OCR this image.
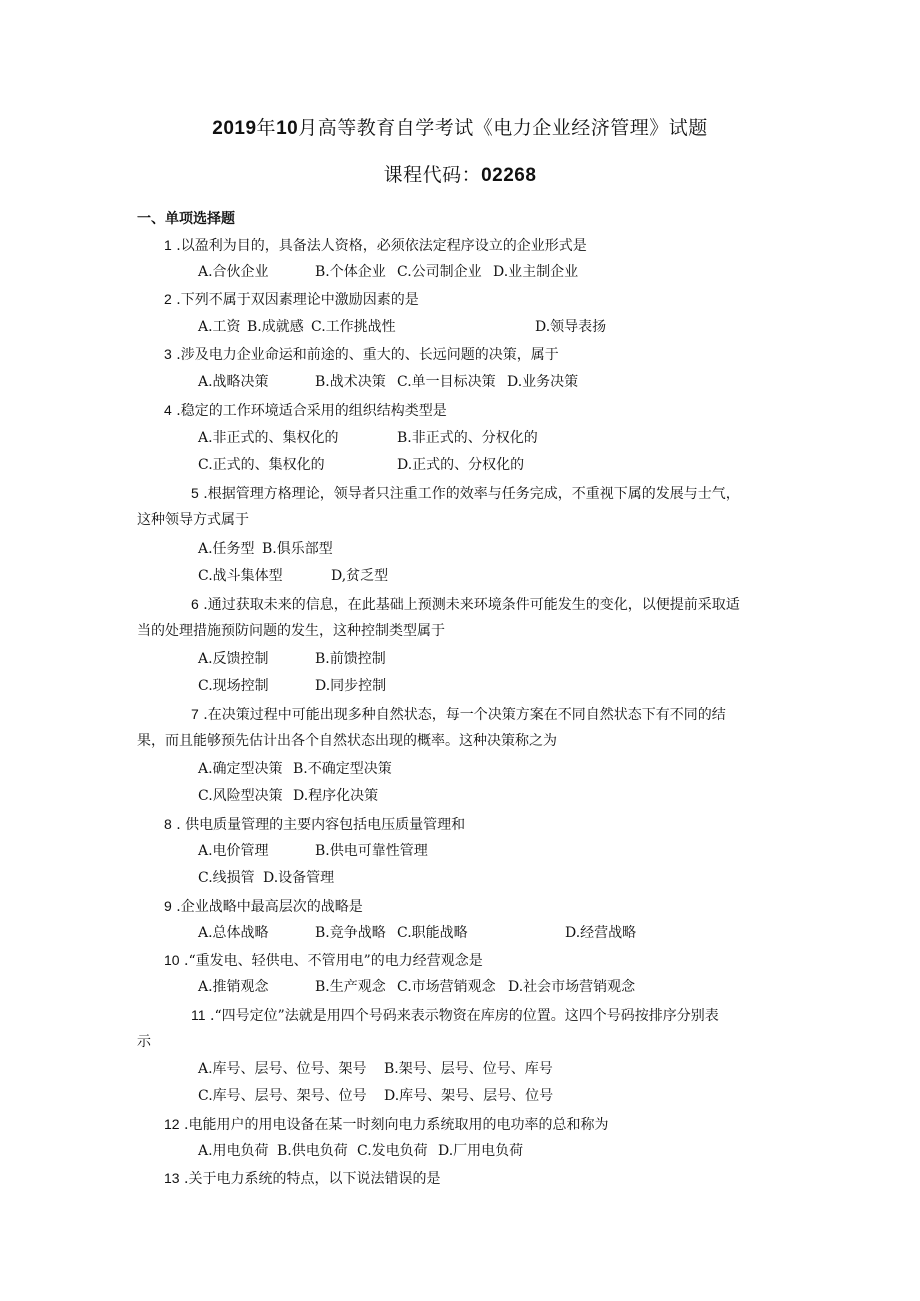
2019年10月高等教育自学考试《电力企业经济管理》试题
课程代码：02268
一、单项选择题
1 .以盈利为目的，具备法人资格，必须依法定程序设立的企业形式是
A.合伙企业	B.个体企业 C.公司制企业 D.业主制企业
2 .下列不属于双因素理论中激励因素的是
A.工资 B.成就感 C.工作挑战性	D.领导表扬
3 .涉及电力企业命运和前途的、重大的、长远问题的决策，属于
A.战略决策	B.战术决策 C.单一目标决策 D.业务决策
4 .稳定的工作环境适合采用的组织结构类型是
A.非正式的、集权化的	B.非正式的、分权化的
C.正式的、集权化的	D.正式的、分权化的
5 .根据管理方格理论，领导者只注重工作的效率与任务完成，不重视下属的发展与士气，
这种领导方式属于
A.任务型 B.俱乐部型
C.战斗集体型	D,贫乏型
6 .通过获取未来的信息，在此基础上预测未来环境条件可能发生的变化，以便提前采取适
当的处理措施预防问题的发生，这种控制类型属于
A.反馈控制	B.前馈控制
C.现场控制	D.同步控制
7 .在决策过程中可能出现多种自然状态，每一个决策方案在不同自然状态下有不同的结
果，而且能够预先估计出各个自然状态出现的概率。这种决策称之为
A.确定型决策 B.不确定型决策
C.风险型决策 D.程序化决策
8 . 供电质量管理的主要内容包括电压质量管理和
A.电价管理	B.供电可靠性管理
C.线损管 D.设备管理
9 .企业战略中最高层次的战略是
A.总体战略	B.竞争战略 C.职能战略	D.经营战略
10 .“重发电、轻供电、不管用电”的电力经营观念是
A.推销观念	B.生产观念 C.市场营销观念 D.社会市场营销观念
11 .“四号定位”法就是用四个号码来表示物资在库房的位置。这四个号码按排序分别表
示
A.库号、层号、位号、架号 B.架号、层号、位号、库号
C.库号、层号、架号、位号 D.库号、架号、层号、位号
12 .电能用户的用电设备在某一时刻向电力系统取用的电功率的总和称为
A.用电负荷 B.供电负荷 C.发电负荷 D.厂用电负荷
13 .关于电力系统的特点，以下说法错误的是
